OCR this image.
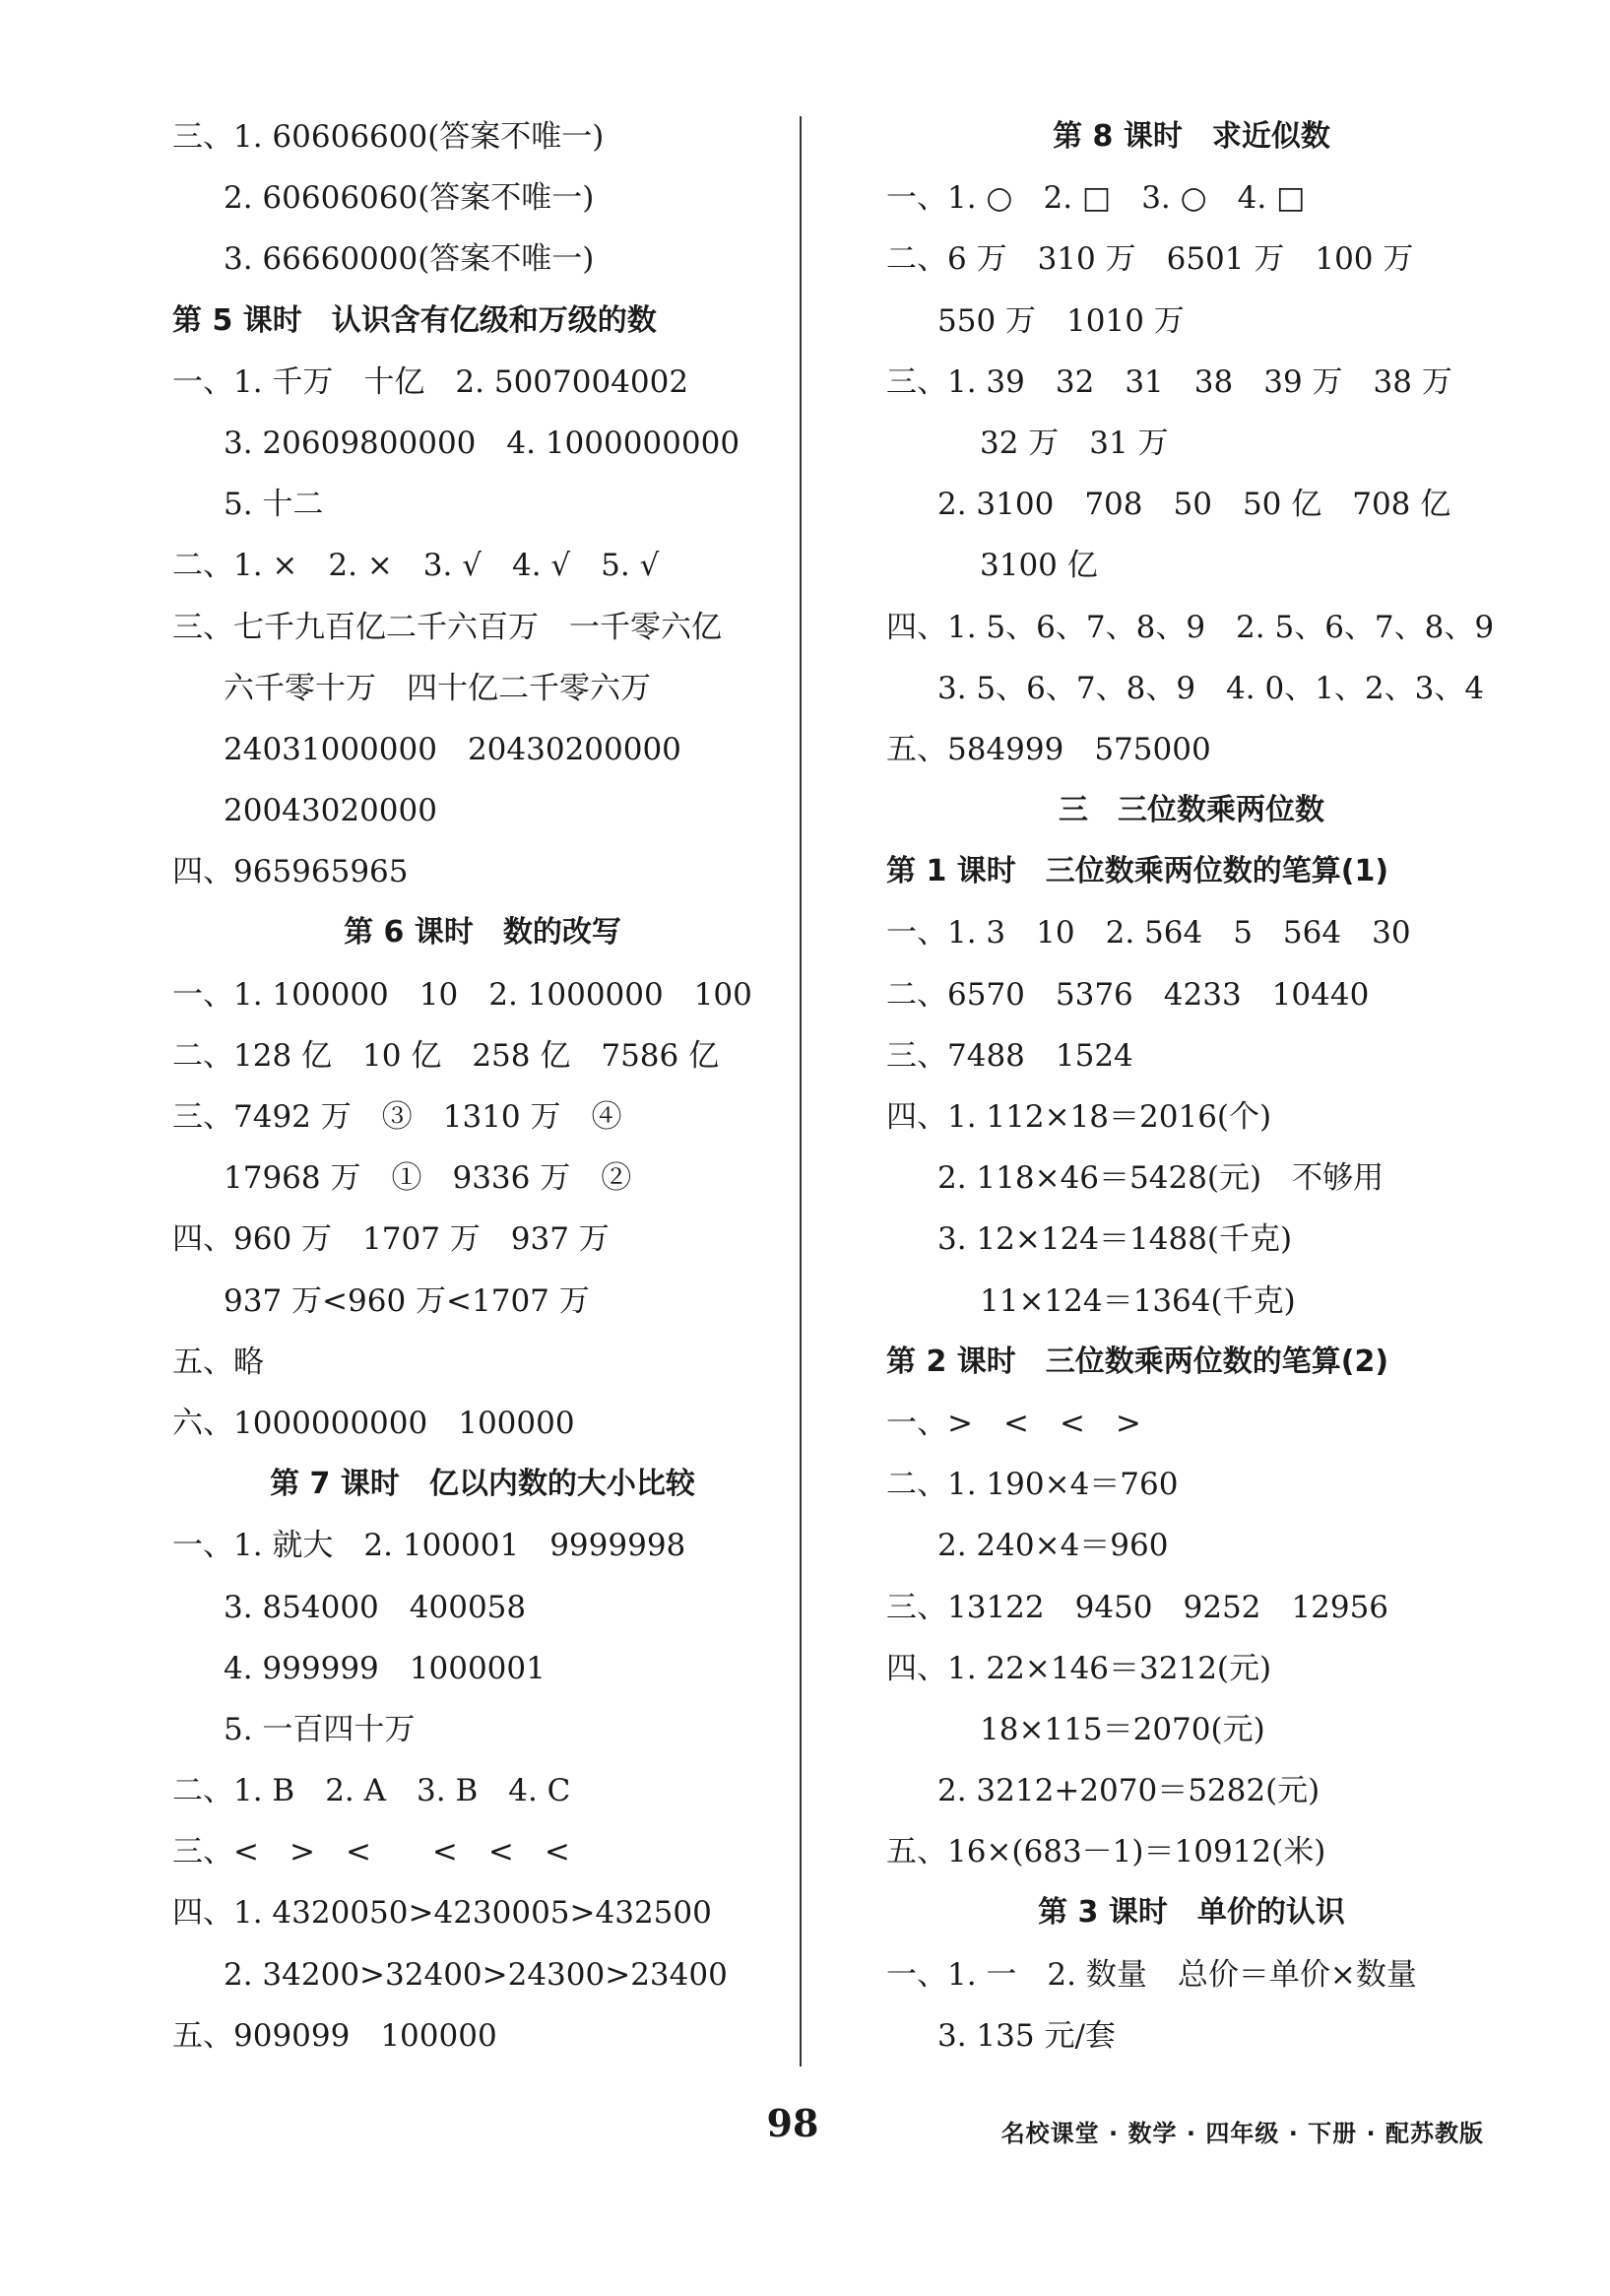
三、1. 60606600(答案不唯一)
2. 60606060(答案不唯一)
3. 66660000(答案不唯一)
第 5 课时　认识含有亿级和万级的数
一、1. 千万　十亿　2. 5007004002
3. 20609800000　4. 1000000000
5. 十二
二、1. ×　2. ×　3. √　4. √　5. √
三、七千九百亿二千六百万　一千零六亿
六千零十万　四十亿二千零六万
24031000000　20430200000
20043020000
四、965965965
第 6 课时　数的改写
一、1. 100000　10　2. 1000000　100
二、128 亿　10 亿　258 亿　7586 亿
三、7492 万　③　1310 万　④
17968 万　①　9336 万　②
四、960 万　1707 万　937 万
937 万<960 万<1707 万
五、略
六、1000000000　100000
第 7 课时　亿以内数的大小比较
一、1. 就大　2. 100001　9999998
3. 854000　400058
4. 999999　1000001
5. 一百四十万
二、1. B　2. A　3. B　4. C
三、<　>　<　　<　<　<
四、1. 4320050>4230005>432500
2. 34200>32400>24300>23400
五、909099　100000
第 8 课时　求近似数
一、1. ○　2. □　3. ○　4. □
二、6 万　310 万　6501 万　100 万
550 万　1010 万
三、1. 39　32　31　38　39 万　38 万
32 万　31 万
2. 3100　708　50　50 亿　708 亿
3100 亿
四、1. 5、6、7、8、9　2. 5、6、7、8、9
3. 5、6、7、8、9　4. 0、1、2、3、4
五、584999　575000
三　三位数乘两位数
第 1 课时　三位数乘两位数的笔算(1)
一、1. 3　10　2. 564　5　564　30
二、6570　5376　4233　10440
三、7488　1524
四、1. 112×18＝2016(个)
2. 118×46＝5428(元)　不够用
3. 12×124＝1488(千克)
11×124＝1364(千克)
第 2 课时　三位数乘两位数的笔算(2)
一、>　<　<　>
二、1. 190×4＝760
2. 240×4＝960
三、13122　9450　9252　12956
四、1. 22×146＝3212(元)
18×115＝2070(元)
2. 3212+2070＝5282(元)
五、16×(683－1)＝10912(米)
第 3 课时　单价的认识
一、1. 一　2. 数量　总价＝单价×数量
3. 135 元/套
98	名校课堂 · 数学 · 四年级 · 下册 · 配苏教版
